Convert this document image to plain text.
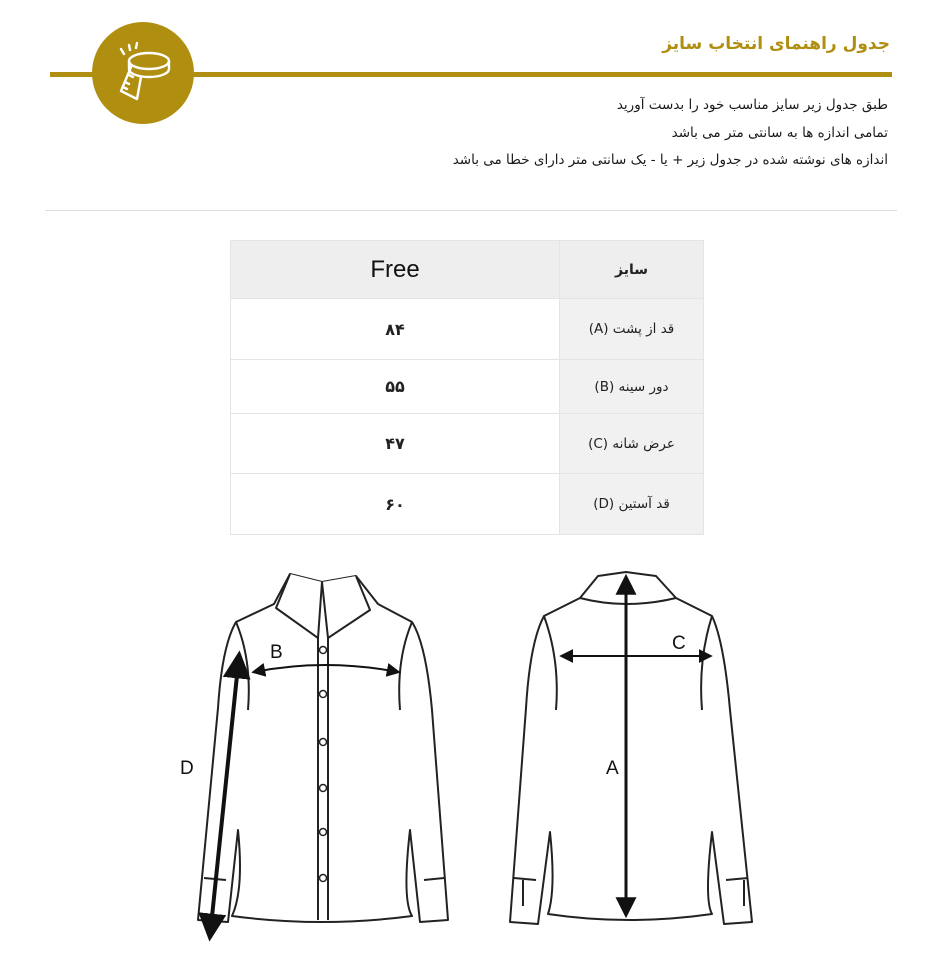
جدول راهنمای انتخاب سایز
طبق جدول زیر سایز مناسب خود را بدست آورید
تمامی اندازه ها به سانتی متر می باشد
اندازه های نوشته شده در جدول زیر + یا - یک سانتی متر دارای خطا می باشد
Free	سایز
۸۴	قد از پشت (A)
۵۵	دور سینه (B)
۴۷	عرض شانه (C)
۶۰	قد آستین (D)
B
D
C
A
